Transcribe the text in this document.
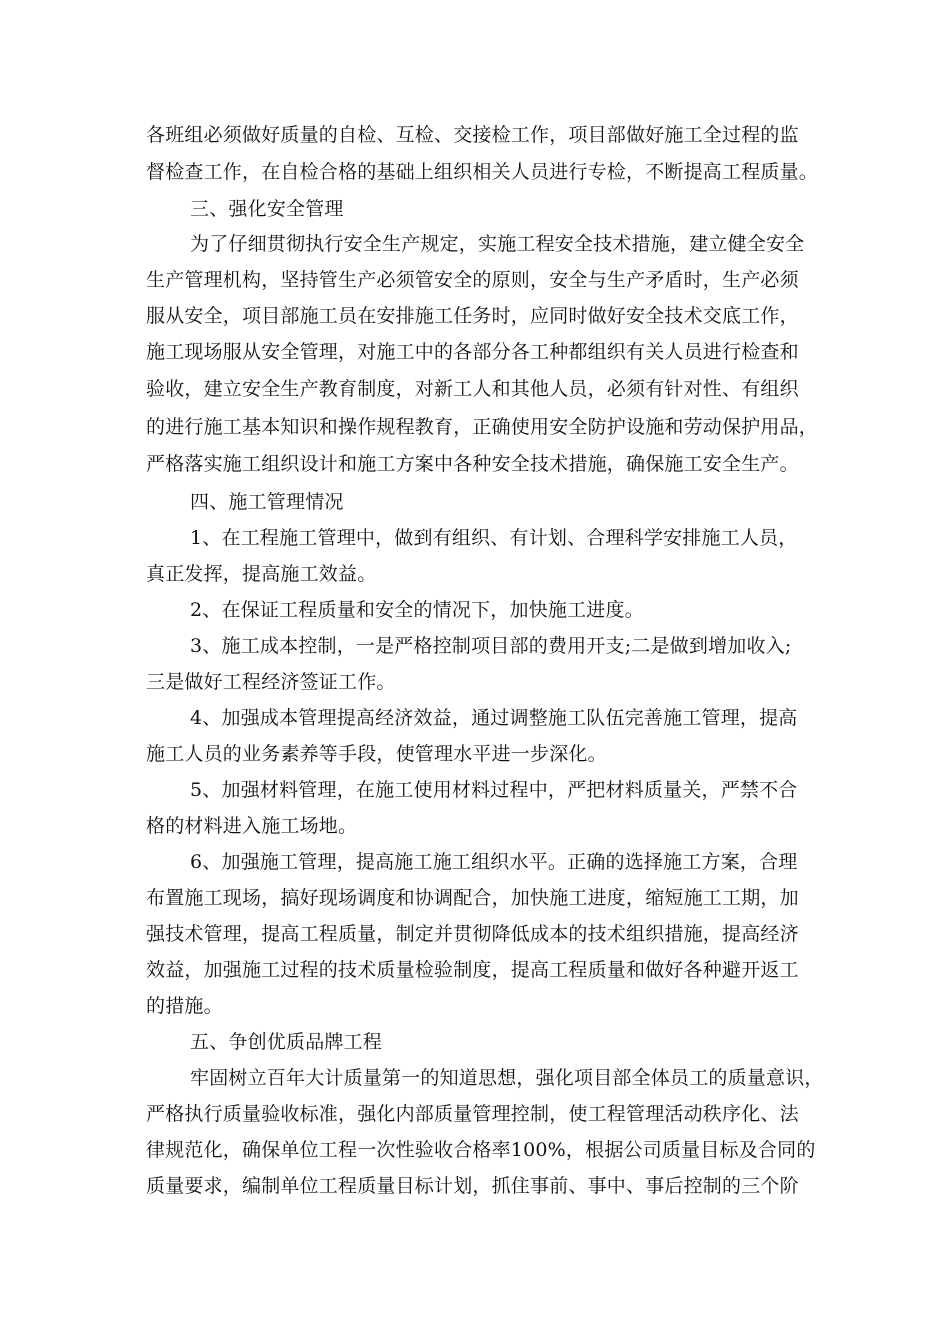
各班组必须做好质量的自检、互检、交接检工作，项目部做好施工全过程的监
督检查工作，在自检合格的基础上组织相关人员进行专检，不断提高工程质量。
三、强化安全管理
为了仔细贯彻执行安全生产规定，实施工程安全技术措施，建立健全安全
生产管理机构，坚持管生产必须管安全的原则，安全与生产矛盾时，生产必须
服从安全，项目部施工员在安排施工任务时，应同时做好安全技术交底工作，
施工现场服从安全管理，对施工中的各部分各工种都组织有关人员进行检查和
验收，建立安全生产教育制度，对新工人和其他人员，必须有针对性、有组织
的进行施工基本知识和操作规程教育，正确使用安全防护设施和劳动保护用品，
严格落实施工组织设计和施工方案中各种安全技术措施，确保施工安全生产。
四、施工管理情况
1、在工程施工管理中，做到有组织、有计划、合理科学安排施工人员，
真正发挥，提高施工效益。
2、在保证工程质量和安全的情况下，加快施工进度。
3、施工成本控制，一是严格控制项目部的费用开支;二是做到增加收入;
三是做好工程经济签证工作。
4、加强成本管理提高经济效益，通过调整施工队伍完善施工管理，提高
施工人员的业务素养等手段，使管理水平进一步深化。
5、加强材料管理，在施工使用材料过程中，严把材料质量关，严禁不合
格的材料进入施工场地。
6、加强施工管理，提高施工施工组织水平。正确的选择施工方案，合理
布置施工现场，搞好现场调度和协调配合，加快施工进度，缩短施工工期，加
强技术管理，提高工程质量，制定并贯彻降低成本的技术组织措施，提高经济
效益，加强施工过程的技术质量检验制度，提高工程质量和做好各种避开返工
的措施。
五、争创优质品牌工程
牢固树立百年大计质量第一的知道思想，强化项目部全体员工的质量意识，
严格执行质量验收标准，强化内部质量管理控制，使工程管理活动秩序化、法
律规范化，确保单位工程一次性验收合格率100%，根据公司质量目标及合同的
质量要求，编制单位工程质量目标计划，抓住事前、事中、事后控制的三个阶
